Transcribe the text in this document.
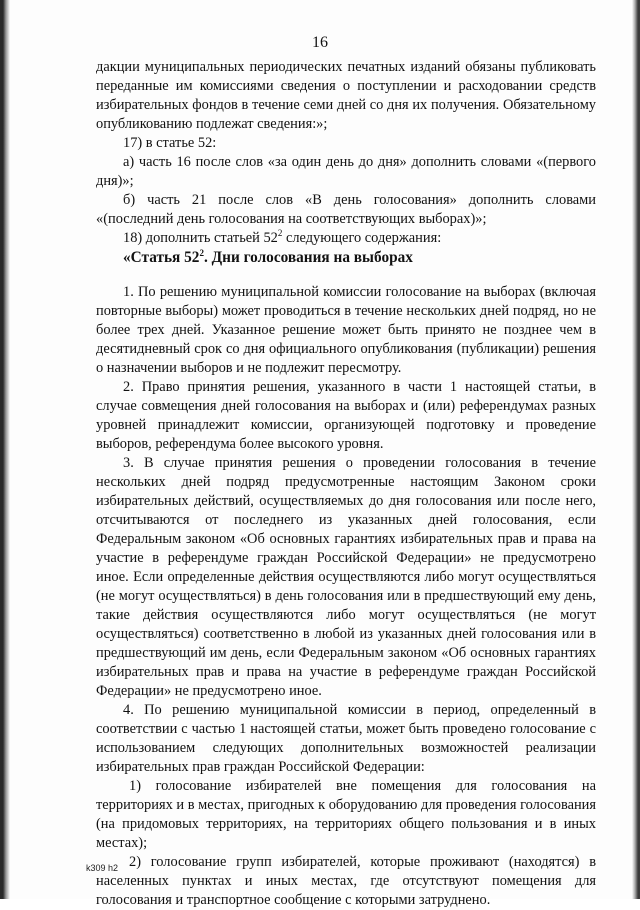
16

дакции муниципальных периодических печатных изданий обязаны публиковать переданные им комиссиями сведения о поступлении и расходовании средств избирательных фондов в течение семи дней со дня их получения. Обязательному опубликованию подлежат сведения:»;

17) в статье 52:

а) часть 16 после слов «за один день до дня» дополнить словами «(первого дня)»;

б) часть 21 после слов «В день голосования» дополнить словами «(последний день голосования на соответствующих выборах)»;

18) дополнить статьей $52^2$ следующего содержания:

«Статья $52^2$. Дни голосования на выборах

1. По решению муниципальной комиссии голосование на выборах (включая повторные выборы) может проводиться в течение нескольких дней подряд, но не более трех дней. Указанное решение может быть принято не позднее чем в десятидневный срок со дня официального опубликования (публикации) решения о назначении выборов и не подлежит пересмотру.

2. Право принятия решения, указанного в части 1 настоящей статьи, в случае совмещения дней голосования на выборах и (или) референдумах разных уровней принадлежит комиссии, организующей подготовку и проведение выборов, референдума более высокого уровня.

3. В случае принятия решения о проведении голосования в течение нескольких дней подряд предусмотренные настоящим Законом сроки избирательных действий, осуществляемых до дня голосования или после него, отсчитываются от последнего из указанных дней голосования, если Федеральным законом «Об основных гарантиях избирательных прав и права на участие в референдуме граждан Российской Федерации» не предусмотрено иное. Если определенные действия осуществляются либо могут осуществляться (не могут осуществляться) в день голосования или в предшествующий ему день, такие действия осуществляются либо могут осуществляться (не могут осуществляться) соответственно в любой из указанных дней голосования или в предшествующий им день, если Федеральным законом «Об основных гарантиях избирательных прав и права на участие в референдуме граждан Российской Федерации» не предусмотрено иное.

4. По решению муниципальной комиссии в период, определенный в соответствии с частью 1 настоящей статьи, может быть проведено голосование с использованием следующих дополнительных возможностей реализации избирательных прав граждан Российской Федерации:

1) голосование избирателей вне помещения для голосования на территориях и в местах, пригодных к оборудованию для проведения голосования (на придомовых территориях, на территориях общего пользования и в иных местах);

2) голосование групп избирателей, которые проживают (находятся) в населенных пунктах и иных местах, где отсутствуют помещения для голосования и транспортное сообщение с которыми затруднено.

k309 h2
